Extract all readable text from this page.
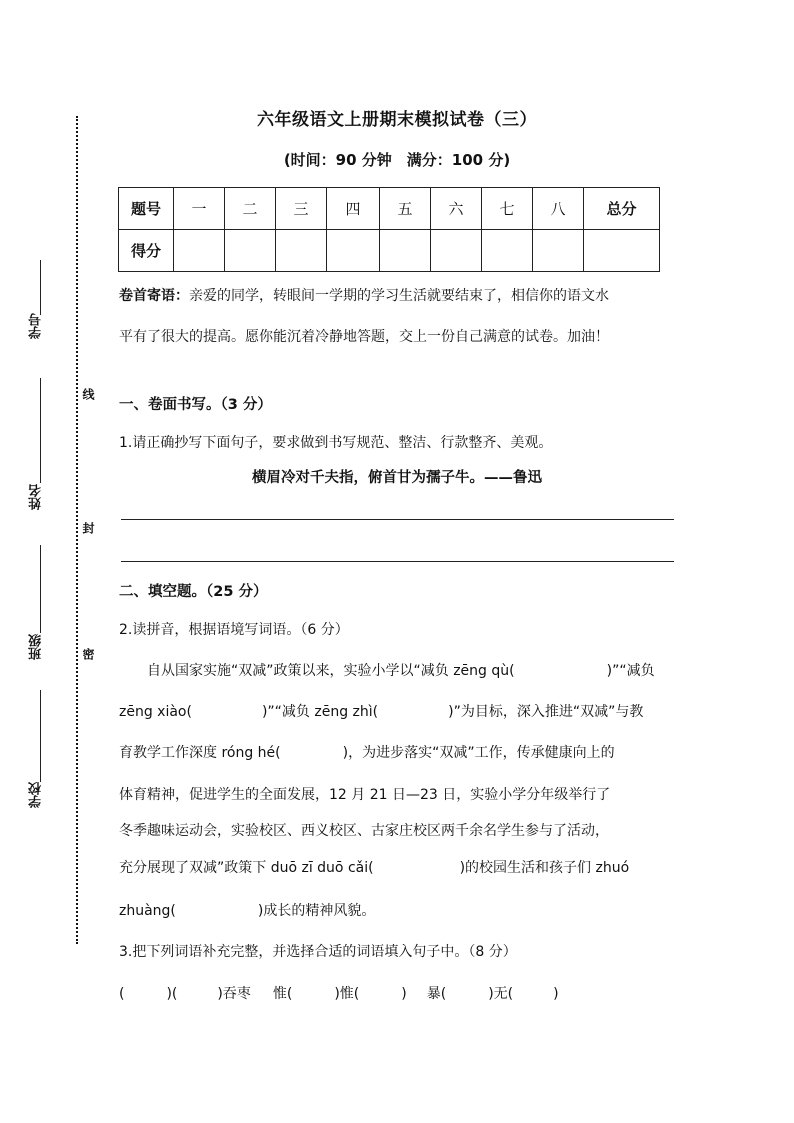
线
封
密
学号
姓名
班级
学校
六年级语文上册期末模拟试卷（三）
(时间：90 分钟　满分：100 分)
题号	一	二	三	四	五	六	七	八	总分
得分									
卷首寄语：亲爱的同学，转眼间一学期的学习生活就要结束了，相信你的语文水
平有了很大的提高。愿你能沉着冷静地答题，交上一份自己满意的试卷。加油！
一、卷面书写。（3 分）
1.请正确抄写下面句子，要求做到书写规范、整洁、行款整齐、美观。
横眉冷对千夫指，俯首甘为孺子牛。——鲁迅
二、填空题。（25 分）
2.读拼音，根据语境写词语。（6 分）
　　自从国家实施“双减”政策以来，实验小学以“减负 zēng qù(	)”“减负
zēng xiào(	)”“减负 zēng zhì(	)”为目标，深入推进“双减”与教
育教学工作深度 róng hé(	)，为进步落实“双减”工作，传承健康向上的
体育精神，促进学生的全面发展，12 月 21 日—23 日，实验小学分年级举行了
冬季趣味运动会，实验校区、西义校区、古家庄校区两千余名学生参与了活动，
充分展现了双减”政策下 duō zī duō cǎi(	)的校园生活和孩子们 zhuó
zhuàng(	)成长的精神风貌。
3.把下列词语补充完整，并选择合适的词语填入句子中。（8 分）
(	)(	)吞枣 惟(	)惟(	) 暴(	)无(	)
